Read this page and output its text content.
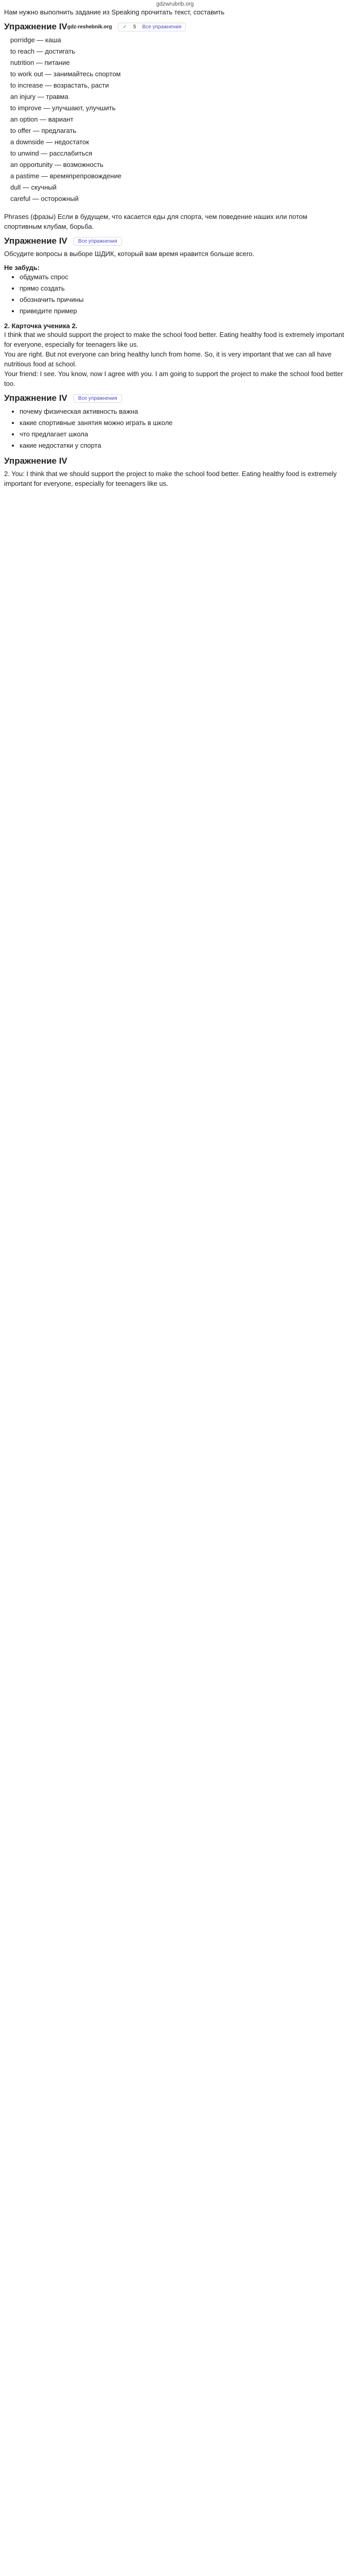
gdzwrubrib.org

Нам нужно выполнить задание из Speaking прочитать текст, составить

Упражнение IV gdz-reshebnik.org ✓ 5 Все упражнения
porridge — каша
to reach — достигать
nutrition — питание
to work out — занимайтесь спортом
to increase — возрастать, расти
an injury — травма
to improve — улучшают, улучшить
an option — вариант
to offer — предлагать
a downside — недостаток
to unwind — расслабиться
an opportunity — возможность
a pastime — времяпрепровождение
dull — скучный
careful — осторожный

Phrases (фразы) Если в будущем, что касается еды для спорта, чем поведение наших или потом спортивным клубам, борьба.

Упражнение IV Все упражнения

Обсудите вопросы в выборе ШДИК, который вам время нравится больше всего.

Не забудь:
• обдумать спрос
• прямо создать
• обозначить причины
• приведите пример
2. Карточка ученика 2.

I think that we should support the project to make the school food better. Eating healthy food is extremely important for everyone, especially for teenagers like us.

You are right. But not everyone can bring healthy lunch from home. So, it is very important that we can all have nutritious food at school.

Your friend: I see. You know, now I agree with you. I am going to support the project to make the school food better too.

Упражнение IV Все упражнения
• почему физическая активность важна
• какие спортивные занятия можно играть в школе
• что предлагает школа
• какие недостатки у спорта
Упражнение IV

2. You: I think that we should support the project to make the school food better. Eating healthy food is extremely important for everyone, especially for teenagers like us.
